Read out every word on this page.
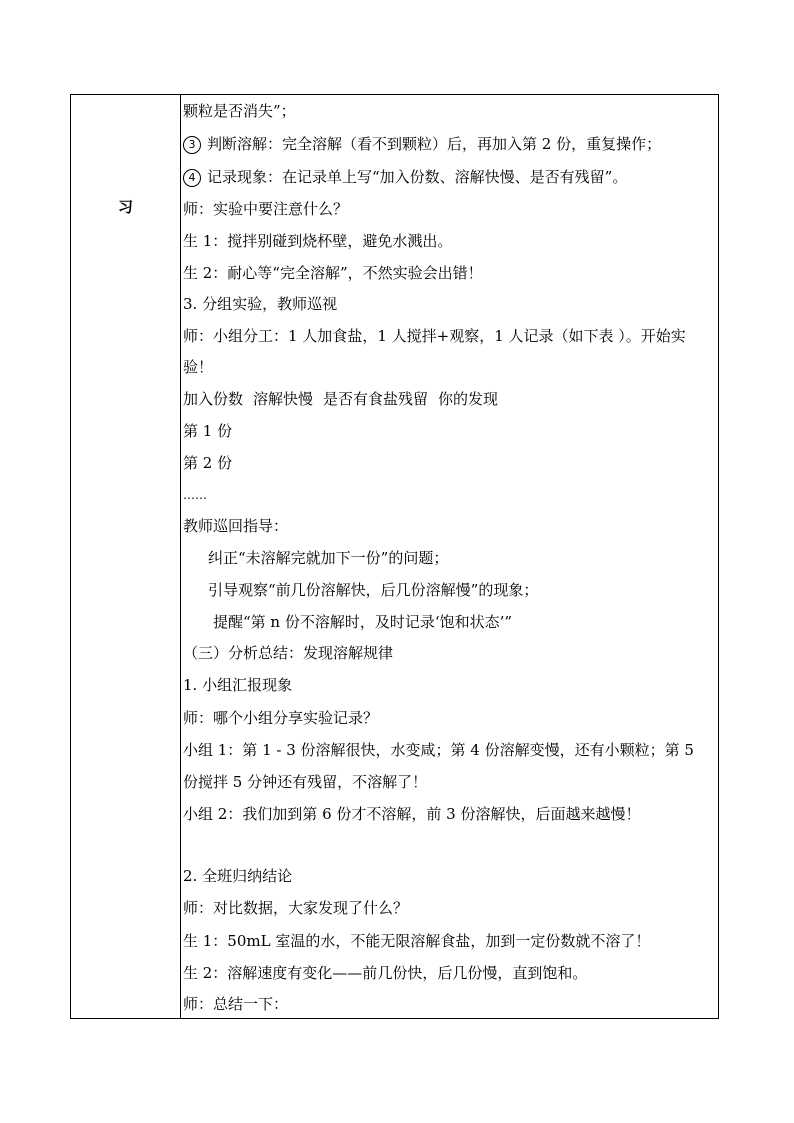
习
颗粒是否消失”；
3 判断溶解：完全溶解（看不到颗粒）后，再加入第 2 份，重复操作；
4 记录现象：在记录单上写“加入份数、溶解快慢、是否有残留”。
师：实验中要注意什么？
生 1：搅拌别碰到烧杯壁，避免水溅出。
生 2：耐心等“完全溶解”，不然实验会出错！
3. 分组实验，教师巡视
师：小组分工：1 人加食盐，1 人搅拌+观察，1 人记录（如下表 ）。开始实
验！
加入份数 溶解快慢 是否有食盐残留 你的发现
第 1 份
第 2 份
……
教师巡回指导：
纠正“未溶解完就加下一份”的问题；
引导观察“前几份溶解快，后几份溶解慢”的现象；
提醒“第 n 份不溶解时，及时记录‘饱和状态’”
（三）分析总结：发现溶解规律
1. 小组汇报现象
师：哪个小组分享实验记录？
小组 1：第 1 - 3 份溶解很快，水变咸；第 4 份溶解变慢，还有小颗粒；第 5
份搅拌 5 分钟还有残留，不溶解了！
小组 2：我们加到第 6 份才不溶解，前 3 份溶解快，后面越来越慢！
2. 全班归纳结论
师：对比数据，大家发现了什么？
生 1：50mL 室温的水，不能无限溶解食盐，加到一定份数就不溶了！
生 2：溶解速度有变化——前几份快，后几份慢，直到饱和。
师：总结一下：
